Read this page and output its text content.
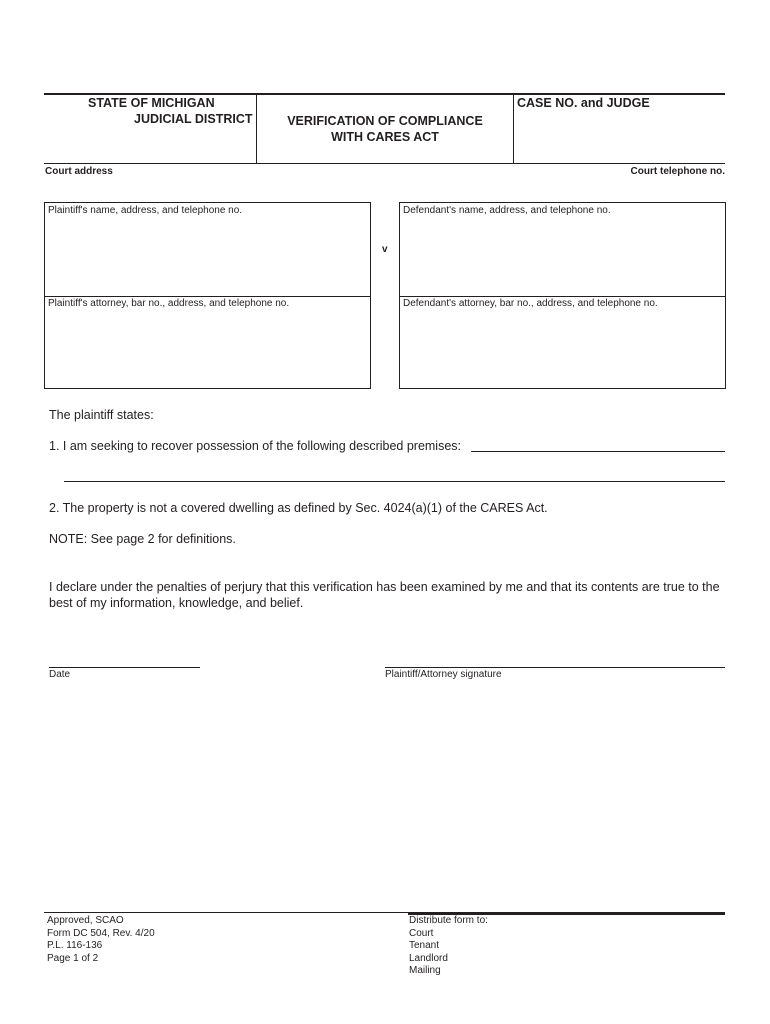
STATE OF MICHIGAN
JUDICIAL DISTRICT	VERIFICATION OF COMPLIANCE
WITH CARES ACT
CASE NO. and JUDGE
Court address	Court telephone no.
Plaintiff's name, address, and telephone no.
Plaintiff's attorney, bar no., address, and telephone no.
v
Defendant's name, address, and telephone no.
Defendant's attorney, bar no., address, and telephone no.
The plaintiff states:
1. I am seeking to recover possession of the following described premises:
2. The property is not a covered dwelling as defined by Sec. 4024(a)(1) of the CARES Act.
NOTE: See page 2 for definitions.
I declare under the penalties of perjury that this verification has been examined by me and that its contents are true to the best of my information, knowledge, and belief.
Date	Plaintiff/Attorney signature
Approved, SCAO
Form DC 504, Rev. 4/20
P.L. 116-136
Page 1 of 2
Distribute form to:
Court
Tenant
Landlord
Mailing
